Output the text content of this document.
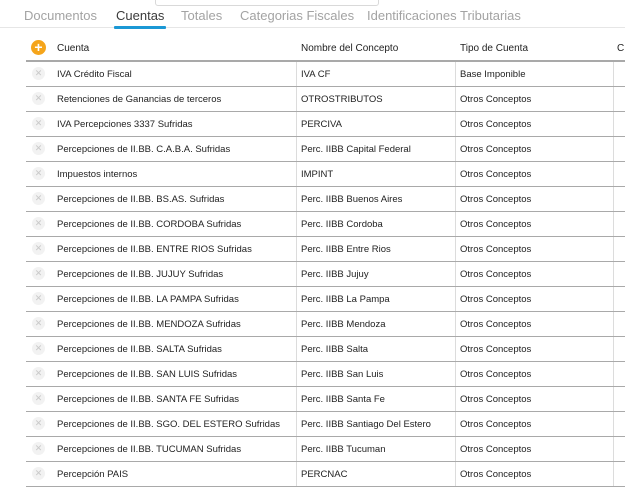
Documentos Cuentas Totales Categorias Fiscales Identificaciones Tributarias
+	Cuenta	Nombre del Concepto	Tipo de Cuenta	C
✕ IVA Crédito Fiscal	IVA CF	Base Imponible
✕ Retenciones de Ganancias de terceros	OTROSTRIBUTOS	Otros Conceptos
✕ IVA Percepciones 3337 Sufridas	PERCIVA	Otros Conceptos
✕ Percepciones de II.BB. C.A.B.A. Sufridas	Perc. IIBB Capital Federal	Otros Conceptos
✕ Impuestos internos	IMPINT	Otros Conceptos
✕ Percepciones de II.BB. BS.AS. Sufridas	Perc. IIBB Buenos Aires	Otros Conceptos
✕ Percepciones de II.BB. CORDOBA Sufridas	Perc. IIBB Cordoba	Otros Conceptos
✕ Percepciones de II.BB. ENTRE RIOS Sufridas	Perc. IIBB Entre Rios	Otros Conceptos
✕ Percepciones de II.BB. JUJUY Sufridas	Perc. IIBB Jujuy	Otros Conceptos
✕ Percepciones de II.BB. LA PAMPA Sufridas	Perc. IIBB La Pampa	Otros Conceptos
✕ Percepciones de II.BB. MENDOZA Sufridas	Perc. IIBB Mendoza	Otros Conceptos
✕ Percepciones de II.BB. SALTA Sufridas	Perc. IIBB Salta	Otros Conceptos
✕ Percepciones de II.BB. SAN LUIS Sufridas	Perc. IIBB San Luis	Otros Conceptos
✕ Percepciones de II.BB. SANTA FE Sufridas	Perc. IIBB Santa Fe	Otros Conceptos
✕ Percepciones de II.BB. SGO. DEL ESTERO Sufridas	Perc. IIBB Santiago Del Estero	Otros Conceptos
✕ Percepciones de II.BB. TUCUMAN Sufridas	Perc. IIBB Tucuman	Otros Conceptos
✕ Percepción PAIS	PERCNAC	Otros Conceptos
